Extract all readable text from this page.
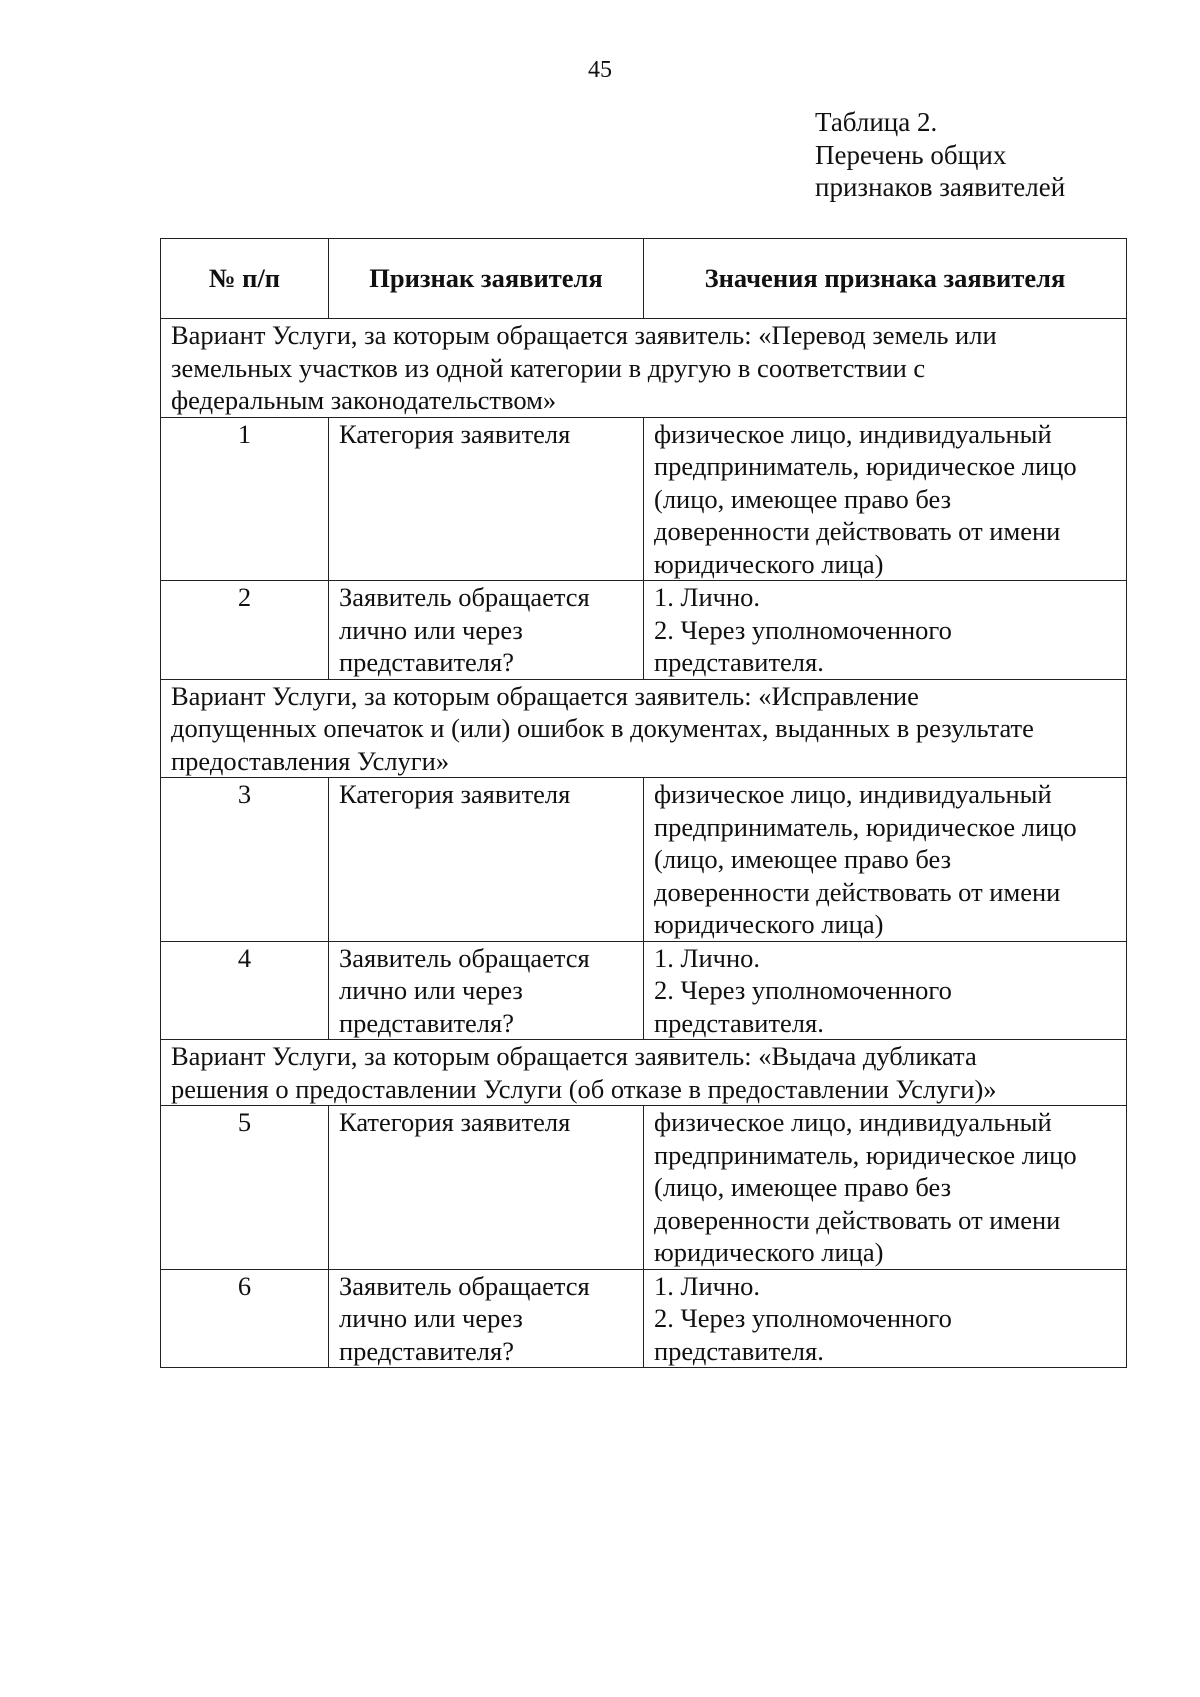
45
Таблица 2.
Перечень общих
признаков заявителей
№ п/п	Признак заявителя	Значения признака заявителя

Вариант Услуги, за которым обращается заявитель: «Перевод земель или
земельных участков из одной категории в другую в соответствии с
федеральным законодательством»		

1	Категория заявителя	физическое лицо, индивидуальный
предприниматель, юридическое лицо
(лицо, имеющее право без
доверенности действовать от имени
юридического лица)

2	Заявитель обращается
лично или через
представителя?	1. Лично.
2. Через уполномоченного
представителя.

Вариант Услуги, за которым обращается заявитель: «Исправление
допущенных опечаток и (или) ошибок в документах, выданных в результате
предоставления Услуги»		

3	Категория заявителя	физическое лицо, индивидуальный
предприниматель, юридическое лицо
(лицо, имеющее право без
доверенности действовать от имени
юридического лица)

4	Заявитель обращается
лично или через
представителя?	1. Лично.
2. Через уполномоченного
представителя.

Вариант Услуги, за которым обращается заявитель: «Выдача дубликата
решения о предоставлении Услуги (об отказе в предоставлении Услуги)»		

5	Категория заявителя	физическое лицо, индивидуальный
предприниматель, юридическое лицо
(лицо, имеющее право без
доверенности действовать от имени
юридического лица)

6	Заявитель обращается
лично или через
представителя?	1. Лично.
2. Через уполномоченного
представителя.
